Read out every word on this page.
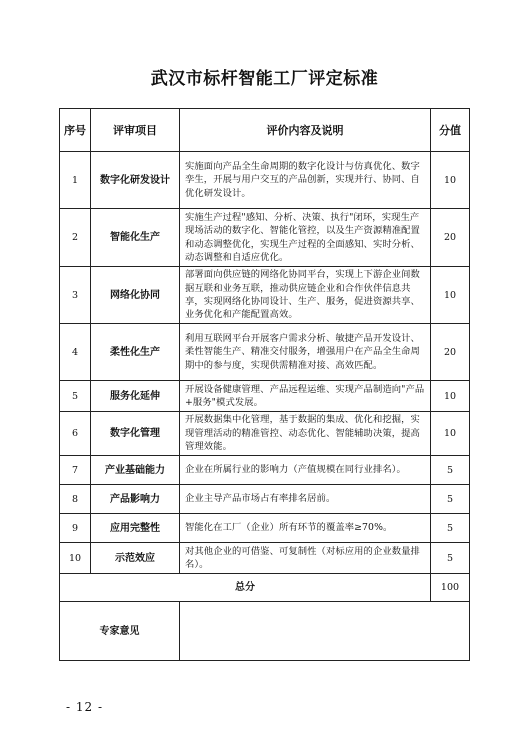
武汉市标杆智能工厂评定标准
序号	评审项目	评价内容及说明	分值
1	数字化研发设计	实施面向产品全生命周期的数字化设计与仿真优化、数字孪生，开展与用户交互的产品创新，实现并行、协同、自优化研发设计。	10
2	智能化生产	实施生产过程"感知、分析、决策、执行"闭环，实现生产现场活动的数字化、智能化管控，以及生产资源精准配置和动态调整优化，实现生产过程的全面感知、实时分析、动态调整和自适应优化。	20
3	网络化协同	部署面向供应链的网络化协同平台，实现上下游企业间数据互联和业务互联，推动供应链企业和合作伙伴信息共享，实现网络化协同设计、生产、服务，促进资源共享、业务优化和产能配置高效。	10
4	柔性化生产	利用互联网平台开展客户需求分析、敏捷产品开发设计、柔性智能生产、精准交付服务，增强用户在产品全生命周期中的参与度，实现供需精准对接、高效匹配。	20
5	服务化延伸	开展设备健康管理、产品远程运维、实现产品制造向"产品+服务"模式发展。	10
6	数字化管理	开展数据集中化管理，基于数据的集成、优化和挖掘，实现管理活动的精准管控、动态优化、智能辅助决策，提高管理效能。	10
7	产业基础能力	企业在所属行业的影响力（产值规模在同行业排名）。	5
8	产品影响力	企业主导产品市场占有率排名居前。	5
9	应用完整性	智能化在工厂（企业）所有环节的覆盖率≥70%。	5
10	示范效应	对其他企业的可借鉴、可复制性（对标应用的企业数量排名）。	5
总分			100
专家意见			
- 12 -
